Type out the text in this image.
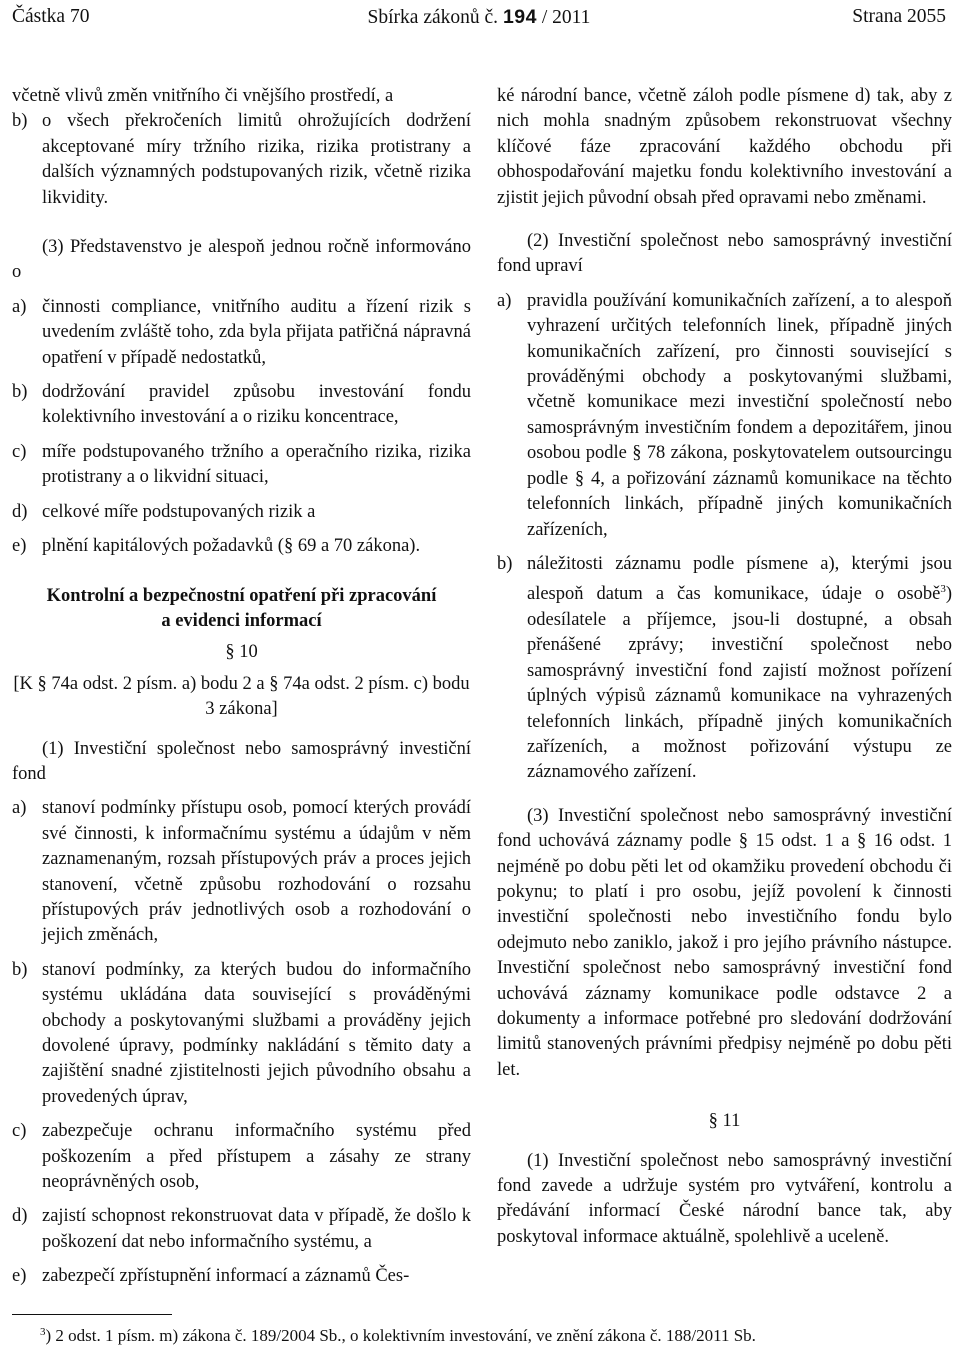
Částka 70	Sbírka zákonů č. 194 / 2011	Strana 2055

včetně vlivů změn vnitřního či vnějšího prostředí, a

b) o všech překročeních limitů ohrožujících dodržení akceptované míry tržního rizika, rizika protistrany a dalších významných podstupovaných rizik, včetně rizika likvidity.

(3) Představenstvo je alespoň jednou ročně informováno o

a) činnosti compliance, vnitřního auditu a řízení rizik s uvedením zvláště toho, zda byla přijata patřičná nápravná opatření v případě nedostatků,
b) dodržování pravidel způsobu investování fondu kolektivního investování a o riziku koncentrace,
c) míře podstupovaného tržního a operačního rizika, rizika protistrany a o likvidní situaci,
d) celkové míře podstupovaných rizik a
e) plnění kapitálových požadavků (§ 69 a 70 zákona).

Kontrolní a bezpečnostní opatření při zpracování a evidenci informací

§ 10

[K § 74a odst. 2 písm. a) bodu 2 a § 74a odst. 2 písm. c) bodu 3 zákona]

(1) Investiční společnost nebo samosprávný investiční fond

a) stanoví podmínky přístupu osob, pomocí kterých provádí své činnosti, k informačnímu systému a údajům v něm zaznamenaným, rozsah přístupových práv a proces jejich stanovení, včetně způsobu rozhodování o rozsahu přístupových práv jednotlivých osob a rozhodování o jejich změnách,
b) stanoví podmínky, za kterých budou do informačního systému ukládána data související s prováděnými obchody a poskytovanými službami a prováděny jejich dovolené úpravy, podmínky nakládání s těmito daty a zajištění snadné zjistitelnosti jejich původního obsahu a provedených úprav,
c) zabezpečuje ochranu informačního systému před poškozením a před přístupem a zásahy ze strany neoprávněných osob,
d) zajistí schopnost rekonstruovat data v případě, že došlo k poškození dat nebo informačního systému, a
e) zabezpečí zpřístupnění informací a záznamů Čes-

ké národní bance, včetně záloh podle písmene d) tak, aby z nich mohla snadným způsobem rekonstruovat všechny klíčové fáze zpracování každého obchodu při obhospodařování majetku fondu kolektivního investování a zjistit jejich původní obsah před opravami nebo změnami.

(2) Investiční společnost nebo samosprávný investiční fond upraví

a) pravidla používání komunikačních zařízení, a to alespoň vyhrazení určitých telefonních linek, případně jiných komunikačních zařízení, pro činnosti související s prováděnými obchody a poskytovanými službami, včetně komunikace mezi investiční společností nebo samosprávným investičním fondem a depozitářem, jinou osobou podle § 78 zákona, poskytovatelem outsourcingu podle § 4, a pořizování záznamů komunikace na těchto telefonních linkách, případně jiných komunikačních zařízeních,
b) náležitosti záznamu podle písmene a), kterými jsou alespoň datum a čas komunikace, údaje o osobě$^3$) odesílatele a příjemce, jsou-li dostupné, a obsah přenášené zprávy; investiční společnost nebo samosprávný investiční fond zajistí možnost pořízení úplných výpisů záznamů komunikace na vyhrazených telefonních linkách, případně jiných komunikačních zařízeních, a možnost pořizování výstupu ze záznamového zařízení.

(3) Investiční společnost nebo samosprávný investiční fond uchovává záznamy podle § 15 odst. 1 a § 16 odst. 1 nejméně po dobu pěti let od okamžiku provedení obchodu či pokynu; to platí i pro osobu, jejíž povolení k činnosti investiční společnosti nebo investičního fondu bylo odejmuto nebo zaniklo, jakož i pro jejího právního nástupce. Investiční společnost nebo samosprávný investiční fond uchovává záznamy komunikace podle odstavce 2 a dokumenty a informace potřebné pro sledování dodržování limitů stanovených právními předpisy nejméně po dobu pěti let.

§ 11

(1) Investiční společnost nebo samosprávný investiční fond zavede a udržuje systém pro vytváření, kontrolu a předávání informací České národní bance tak, aby poskytoval informace aktuálně, spolehlivě a uceleně.

$^3$) 2 odst. 1 písm. m) zákona č. 189/2004 Sb., o kolektivním investování, ve znění zákona č. 188/2011 Sb.
